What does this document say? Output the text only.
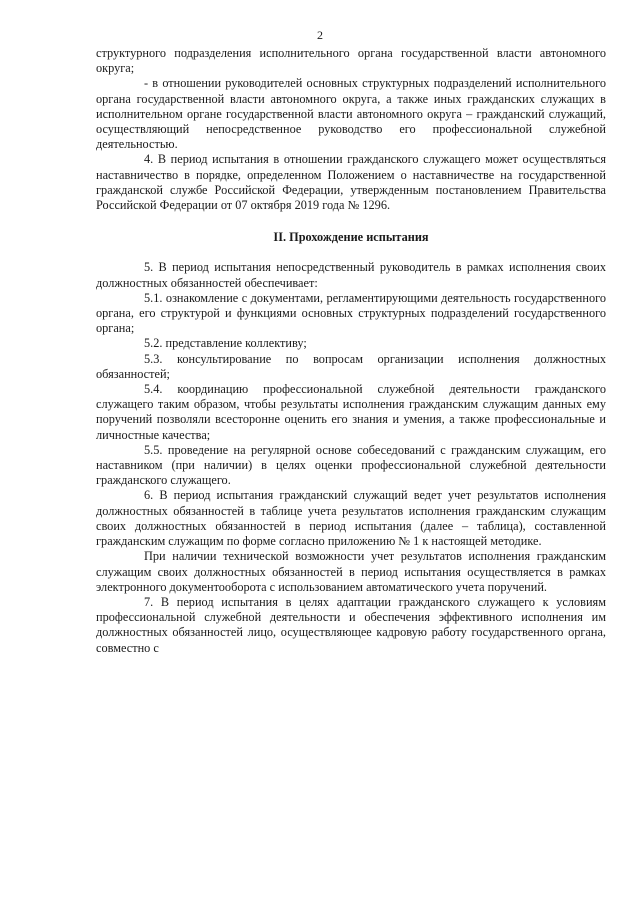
2

структурного подразделения исполнительного органа государственной власти автономного округа;

- в отношении руководителей основных структурных подразделений исполнительного органа государственной власти автономного округа, а также иных гражданских служащих в исполнительном органе государственной власти автономного округа – гражданский служащий, осуществляющий непосредственное руководство его профессиональной служебной деятельностью.

4. В период испытания в отношении гражданского служащего может осуществляться наставничество в порядке, определенном Положением о наставничестве на государственной гражданской службе Российской Федерации, утвержденным постановлением Правительства Российской Федерации от 07 октября 2019 года № 1296.

II. Прохождение испытания

5. В период испытания непосредственный руководитель в рамках исполнения своих должностных обязанностей обеспечивает:

5.1. ознакомление с документами, регламентирующими деятельность государственного органа, его структурой и функциями основных структурных подразделений государственного органа;

5.2. представление коллективу;

5.3. консультирование по вопросам организации исполнения должностных обязанностей;

5.4. координацию профессиональной служебной деятельности гражданского служащего таким образом, чтобы результаты исполнения гражданским служащим данных ему поручений позволяли всесторонне оценить его знания и умения, а также профессиональные и личностные качества;

5.5. проведение на регулярной основе собеседований с гражданским служащим, его наставником (при наличии) в целях оценки профессиональной служебной деятельности гражданского служащего.

6. В период испытания гражданский служащий ведет учет результатов исполнения должностных обязанностей в таблице учета результатов исполнения гражданским служащим своих должностных обязанностей в период испытания (далее – таблица), составленной гражданским служащим по форме согласно приложению № 1 к настоящей методике.

При наличии технической возможности учет результатов исполнения гражданским служащим своих должностных обязанностей в период испытания осуществляется в рамках электронного документооборота с использованием автоматического учета поручений.

7. В период испытания в целях адаптации гражданского служащего к условиям профессиональной служебной деятельности и обеспечения эффективного исполнения им должностных обязанностей лицо, осуществляющее кадровую работу государственного органа, совместно с
